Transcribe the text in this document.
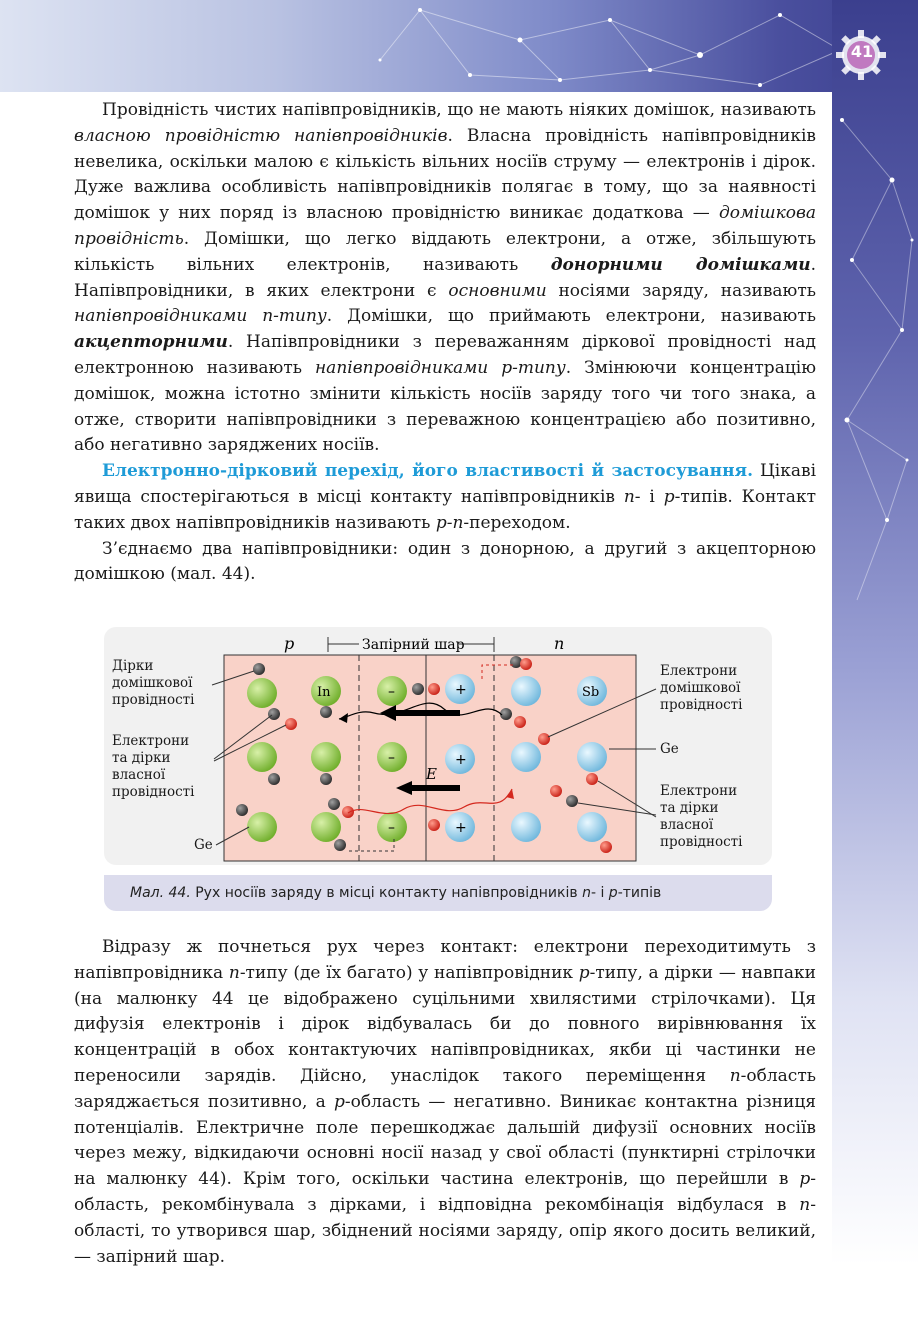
41

Провідність чистих напівпровідників, що не мають ніяких домішок, називають власною провідністю напівпровідників. Власна провідність напівпровідників невелика, оскільки малою є кількість вільних носіїв струму — електронів і дірок. Дуже важлива особливість напівпровідників полягає в тому, що за наявності домішок у них поряд із власною провідністю виникає додаткова — домішкова провідність. Домішки, що легко віддають електрони, а отже, збільшують кількість вільних електронів, називають донорними домішками. Напівпровідники, в яких електрони є основними носіями заряду, називають напівпровідниками n-типу. Домішки, що приймають електрони, називають акцепторними. Напівпровідники з переважанням діркової провідності над електронною називають напівпровідниками p-типу. Змінюючи концентрацію домішок, можна істотно змінити кількість носіїв заряду того чи того знака, а отже, створити напівпровідники з переважною концентрацією або позитивно, або негативно заряджених носіїв.

Електронно-дірковий перехід, його властивості й застосування. Цікаві явища спостерігаються в місці контакту напівпровідників n- і p-типів. Контакт таких двох напівпровідників називають p-n-переходом.

З’єднаємо два напівпровідники: один з донорною, а другий з акцепторною домішкою (мал. 44).

p	n
Запірний шар
In	–
–
–
+	Sb
+
+
E
Дірки
домішкової
провідності
Електрони
та дірки
власної
провідності
Ge
Електрони
домішкової
провідності
Ge
Електрони
та дірки
власної
провідності
Мал. 44. Рух носіїв заряду в місці контакту напівпровідників n- і p-типів

Відразу ж почнеться рух через контакт: електрони переходитимуть з напівпровідника n-типу (де їх багато) у напівпровідник p-типу, а дірки — навпаки (на малюнку 44 це відображено суцільними хвилястими стрілочками). Ця дифузія електронів і дірок відбувалась би до повного вирівнювання їх концентрацій в обох контактуючих напівпровідниках, якби ці частинки не переносили зарядів. Дійсно, унаслідок такого переміщення n-область заряджається позитивно, а p-область — негативно. Виникає контактна різниця потенціалів. Електричне поле перешкоджає дальшій дифузії основних носіїв через межу, відкидаючи основні носії назад у свої області (пунктирні стрілочки на малюнку 44). Крім того, оскільки частина електронів, що перейшли в p-область, рекомбінувала з дірками, і відповідна рекомбінація відбулася в n-області, то утворився шар, збіднений носіями заряду, опір якого досить великий, — запірний шар.
